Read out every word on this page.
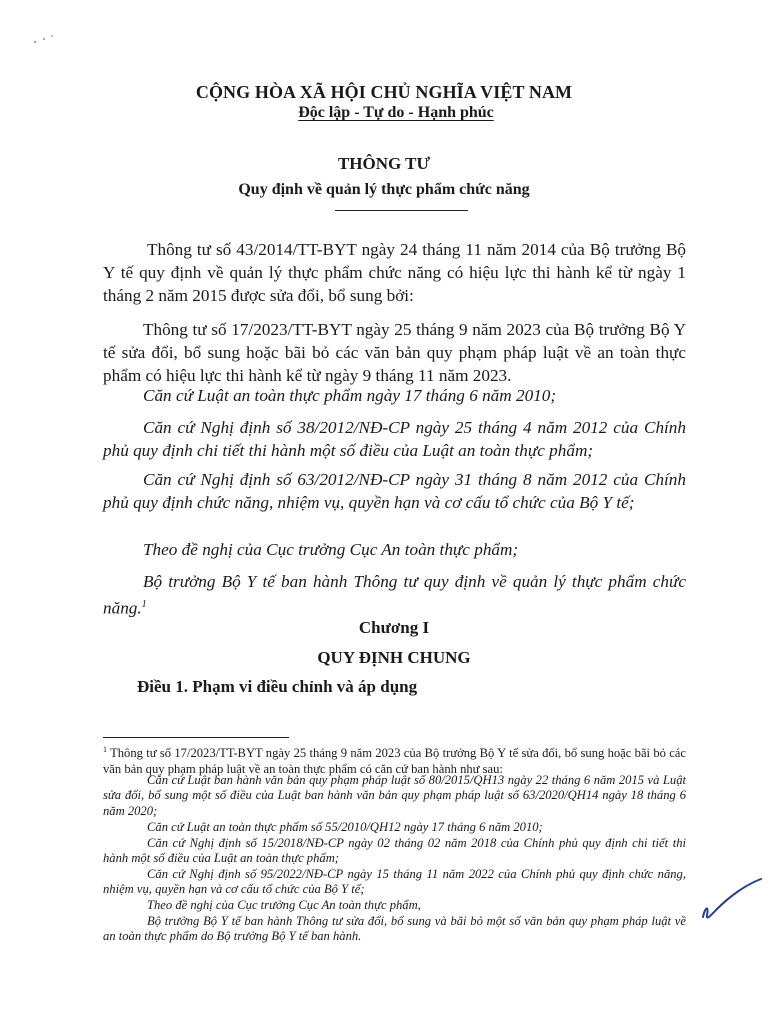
CỘNG HÒA XÃ HỘI CHỦ NGHĨA VIỆT NAM
Độc lập - Tự do - Hạnh phúc
THÔNG TƯ
Quy định về quản lý thực phẩm chức năng
Thông tư số 43/2014/TT-BYT ngày 24 tháng 11 năm 2014 của Bộ trưởng Bộ Y tế quy định về quản lý thực phẩm chức năng có hiệu lực thi hành kể từ ngày 1 tháng 2 năm 2015 được sửa đổi, bổ sung bởi:
Thông tư số 17/2023/TT-BYT ngày 25 tháng 9 năm 2023 của Bộ trưởng Bộ Y tế sửa đổi, bổ sung hoặc bãi bỏ các văn bản quy phạm pháp luật về an toàn thực phẩm có hiệu lực thi hành kể từ ngày 9 tháng 11 năm 2023.
Căn cứ Luật an toàn thực phẩm ngày 17 tháng 6 năm 2010;
Căn cứ Nghị định số 38/2012/NĐ-CP ngày 25 tháng 4 năm 2012 của Chính phủ quy định chi tiết thi hành một số điều của Luật an toàn thực phẩm;
Căn cứ Nghị định số 63/2012/NĐ-CP ngày 31 tháng 8 năm 2012 của Chính phủ quy định chức năng, nhiệm vụ, quyền hạn và cơ cấu tổ chức của Bộ Y tế;
Theo đề nghị của Cục trưởng Cục An toàn thực phẩm;
Bộ trưởng Bộ Y tế ban hành Thông tư quy định về quản lý thực phẩm chức năng.$^1$
Chương I
QUY ĐỊNH CHUNG
Điều 1. Phạm vi điều chỉnh và áp dụng
$^1$ Thông tư số 17/2023/TT-BYT ngày 25 tháng 9 năm 2023 của Bộ trưởng Bộ Y tế sửa đổi, bổ sung hoặc bãi bỏ các văn bản quy phạm pháp luật về an toàn thực phẩm có căn cứ ban hành như sau:
Căn cứ Luật ban hành văn bản quy phạm pháp luật số 80/2015/QH13 ngày 22 tháng 6 năm 2015 và Luật sửa đổi, bổ sung một số điều của Luật ban hành văn bản quy phạm pháp luật số 63/2020/QH14 ngày 18 tháng 6 năm 2020;
Căn cứ Luật an toàn thực phẩm số 55/2010/QH12 ngày 17 tháng 6 năm 2010;
Căn cứ Nghị định số 15/2018/NĐ-CP ngày 02 tháng 02 năm 2018 của Chính phủ quy định chi tiết thi hành một số điều của Luật an toàn thực phẩm;
Căn cứ Nghị định số 95/2022/NĐ-CP ngày 15 tháng 11 năm 2022 của Chính phủ quy định chức năng, nhiệm vụ, quyền hạn và cơ cấu tổ chức của Bộ Y tế;
Theo đề nghị của Cục trưởng Cục An toàn thực phẩm,
Bộ trưởng Bộ Y tế ban hành Thông tư sửa đổi, bổ sung và bãi bỏ một số văn bản quy phạm pháp luật về an toàn thực phẩm do Bộ trưởng Bộ Y tế ban hành.
